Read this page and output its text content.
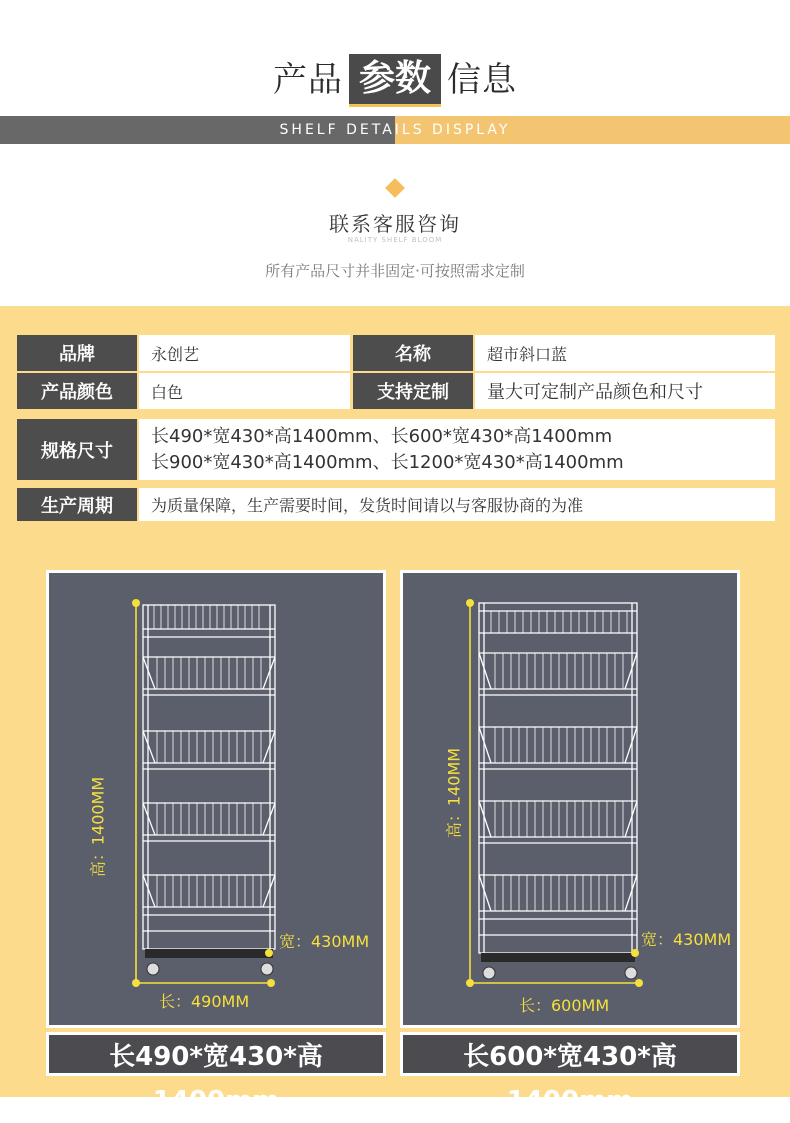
产品 参数 信息
SHELF DETAILS DISPLAY
联系客服咨询
NALITY SHELF BLOOM
所有产品尺寸并非固定·可按照需求定制
品牌	永创艺	名称	超市斜口蓝
产品颜色	白色	支持定制	量大可定制产品颜色和尺寸
规格尺寸
长490*宽430*高1400mm、长600*宽430*高1400mm
长900*宽430*高1400mm、长1200*宽430*高1400mm
生产周期	为质量保障，生产需要时间，发货时间请以与客服协商的为准
高：1400MM
宽：430MM
长：490MM
长490*宽430*高1400mm
高：140MM
宽：430MM
长：600MM
长600*宽430*高1400mm
